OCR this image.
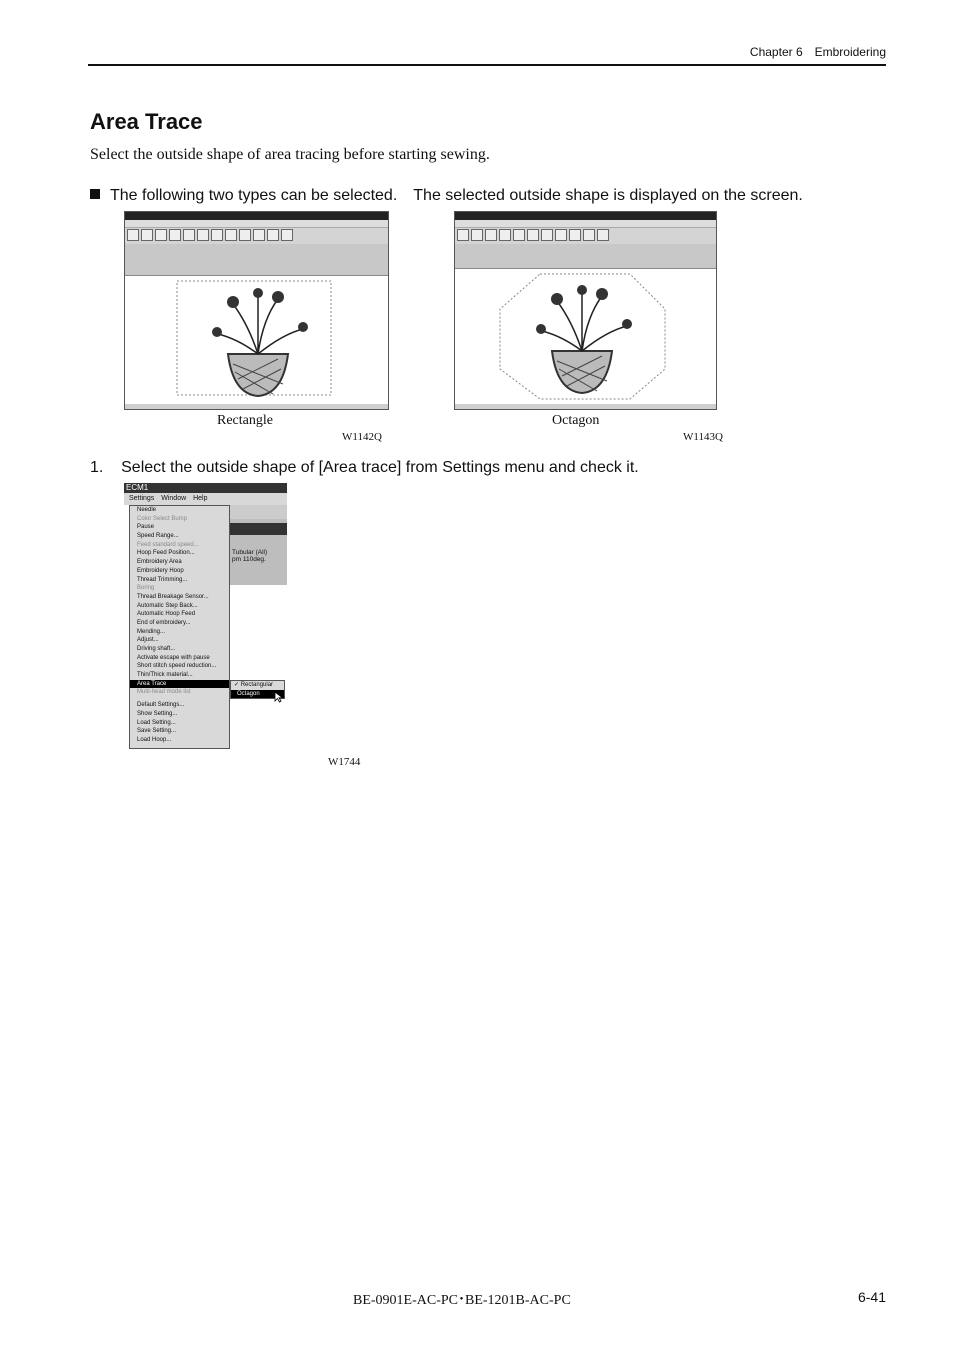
Chapter 6 Embroidering
Area Trace
Select the outside shape of area tracing before starting sewing.
The following two types can be selected. The selected outside shape is displayed on the screen.
Rectangle
W1142Q
Octagon
W1143Q
1. Select the outside shape of [Area trace] from Settings menu and check it.
ECM1
Settings Window Help
Tubular (All)
pm 110deg.
Needle
Color Select Bump
Pause
Speed Range...
Feed standard speed...
Hoop Feed Position...
Embroidery Area
Embroidery Hoop
Thread Trimming...
Boring
Thread Breakage Sensor...
Automatic Step Back...
Automatic Hoop Feed
End of embroidery...
Mending...
Adjust...
Driving shaft...
Activate escape with pause
Short stitch speed reduction...
Thin/Thick material...
Area Trace
Multi-head mode list
Default Settings...
Show Setting...
Load Setting...
Save Setting...
Load Hoop...
✓ Rectangular
Octagon
W1744
BE-0901E-AC-PC･BE-1201B-AC-PC	6-41
